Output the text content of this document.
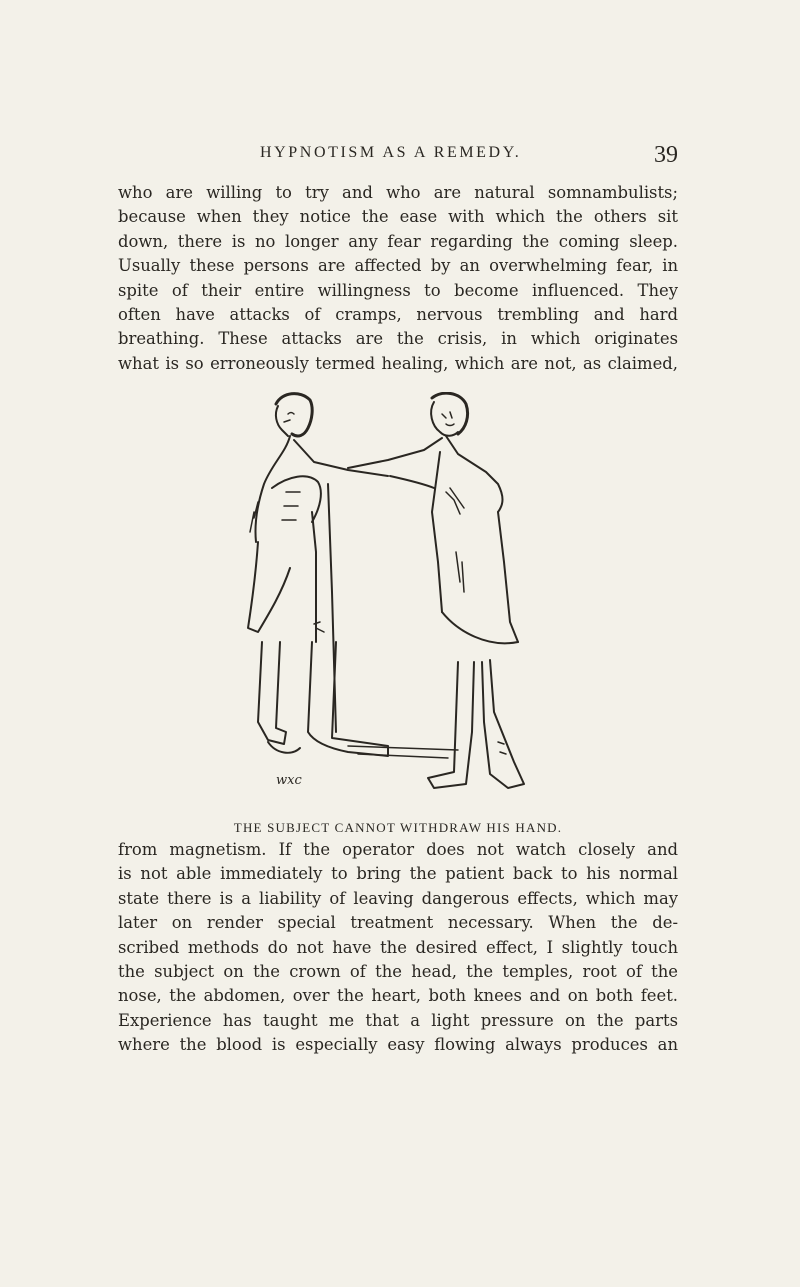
HYPNOTISM AS A REMEDY.	39

who are willing to try and who are natural somnambulists;
because when they notice the ease with which the others sit
down, there is no longer any fear regarding the coming sleep.
Usually these persons are affected by an overwhelming fear, in
spite of their entire willingness to become influenced. They
often have attacks of cramps, nervous trembling and hard
breathing. These attacks are the crisis, in which originates
what is so erroneously termed healing, which are not, as claimed,

wxc
THE SUBJECT CANNOT WITHDRAW HIS HAND.

from magnetism. If the operator does not watch closely and
is not able immediately to bring the patient back to his normal
state there is a liability of leaving dangerous effects, which may
later on render special treatment necessary. When the de-
scribed methods do not have the desired effect, I slightly touch
the subject on the crown of the head, the temples, root of the
nose, the abdomen, over the heart, both knees and on both feet.
Experience has taught me that a light pressure on the parts
where the blood is especially easy flowing always produces an
